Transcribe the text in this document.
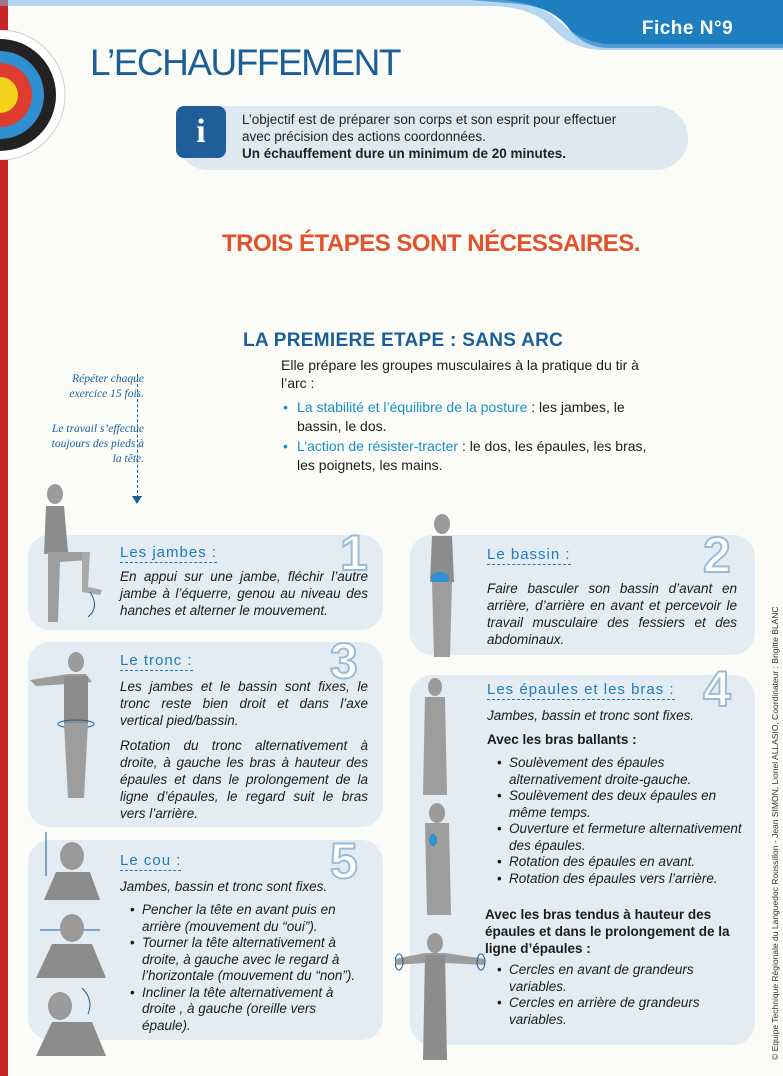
Fiche N°9
L’ECHAUFFEMENT
i	L’objectif est de préparer son corps et son esprit pour effectuer
avec précision des actions coordonnées.
Un échauffement dure un minimum de 20 minutes.
TROIS ÉTAPES SONT NÉCESSAIRES.
LA PREMIERE ETAPE : SANS ARC
Elle prépare les groupes musculaires à la pratique du tir à l’arc :
• La stabilité et l’équilibre de la posture : les jambes, le bassin, le dos.
• L’action de résister-tracter : le dos, les épaules, les bras, les poignets, les mains.
Répéter chaque exercice 15 fois.
Le travail s’effectue toujours des pieds à la tête.
Les jambes : 1
En appui sur une jambe, fléchir l’autre jambe à l’équerre, genou au niveau des hanches et alterner le mouvement.
Le bassin :	2
Faire basculer son bassin d’avant en arrière, d’arrière en avant et percevoir le travail musculaire des fessiers et des abdominaux.
Le tronc :	3

Les jambes et le bassin sont fixes, le tronc reste bien droit et dans l’axe vertical pied/bassin.

Rotation du tronc alternativement à droite, à gauche les bras à hauteur des épaules et dans le prolongement de la ligne d’épaules, le regard suit le bras vers l’arrière.

Les épaules et les bras : 4
Jambes, bassin et tronc sont fixes.
Avec les bras ballants :
• Soulèvement des épaules alternativement droite-gauche.
• Soulèvement des deux épaules en même temps.
• Ouverture et fermeture alternativement des épaules.
• Rotation des épaules en avant.
• Rotation des épaules vers l’arrière.
Avec les bras tendus à hauteur des épaules et dans le prolongement de la ligne d’épaules :
• Cercles en avant de grandeurs variables.
• Cercles en arrière de grandeurs variables.
Le cou :	5
Jambes, bassin et tronc sont fixes.
• Pencher la tête en avant puis en arrière (mouvement du “oui”).
• Tourner la tête alternativement à droite, à gauche avec le regard à l’horizontale (mouvement du “non”).
• Incliner la tête alternativement à droite , à gauche (oreille vers épaule).	© Equipe Technique Régionale du Languedoc Roussillon - Jean SIMON, Lionel ALLASIO, Coordinateur : Brigitte BLANC
